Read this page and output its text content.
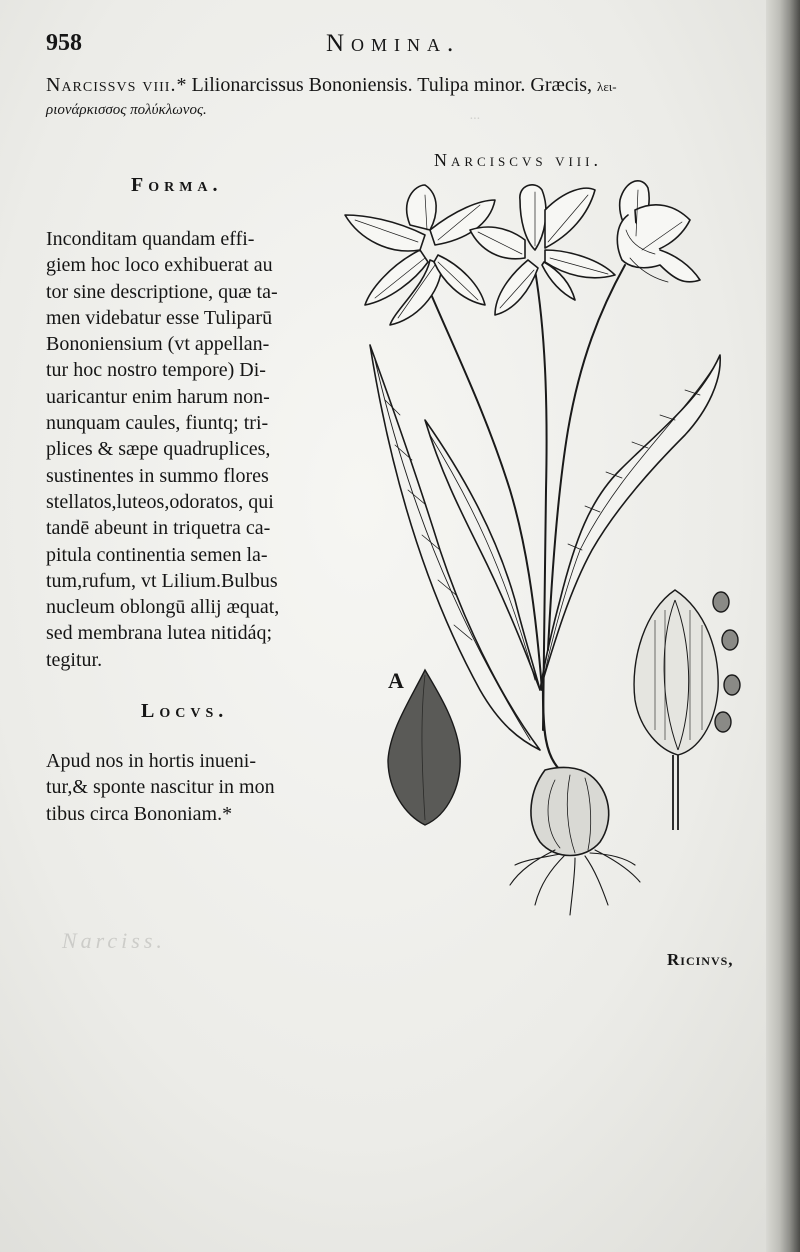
958	Nomina.
Narcissvs viii.* Lilionarcissus Bononiensis. Tulipa minor. Græcis, λει-
ριονάρκισσος πολύκλωνος.	...
Narciscvs viii.
Forma.
Inconditam quandam effi-
giem hoc loco exhibuerat au
tor sine descriptione, quæ ta-
men videbatur esse Tuliparū
Bononiensium (vt appellan-
tur hoc nostro tempore) Di-
uaricantur enim harum non-
nunquam caules, fiuntq; tri-
plices & sæpe quadruplices,
sustinentes in summo flores
stellatos,luteos,odoratos, qui
tandē abeunt in triquetra ca-
pitula continentia semen la-
tum,rufum, vt Lilium.Bulbus
nucleum oblongū allij æquat,
sed membrana lutea nitidáq;
tegitur.
Locvs.
Apud nos in hortis inueni-
tur,& sponte nascitur in mon
tibus circa Bononiam.*
Narciss.
A
Ricinvs,
